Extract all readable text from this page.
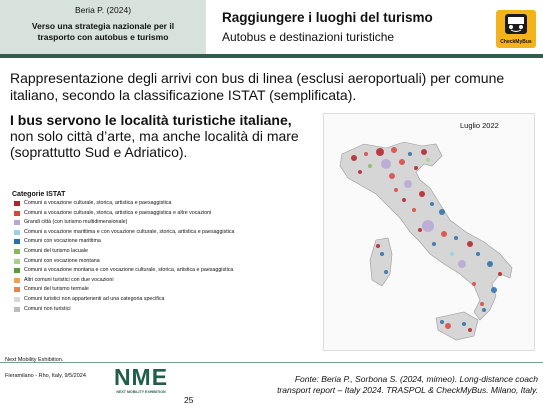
Beria P. (2024)
Verso una strategia nazionale per il
trasporto con autobus e turismo
Raggiungere i luoghi del turismo
Autobus e destinazioni turistiche	CheckMyBus
Rappresentazione degli arrivi con bus di linea (esclusi aeroportuali) per comune
italiano, secondo la classificazione ISTAT (semplificata).
I bus servono le località turistiche italiane,
non solo città d’arte, ma anche località di mare
(soprattutto Sud e Adriatico).
Categorie ISTAT
Comuni a vocazione culturale, storica, artistica e paesaggistica
Comuni a vocazione culturale, storica, artistica e paesaggistica e altre vocazioni
Grandi città (con turismo multidimensionale)
Comuni a vocazione marittima e con vocazione culturale, storica, artistica e paesaggistica
Comuni con vocazione marittima
Comuni del turismo lacuale
Comuni con vocazione montana
Comuni a vocazione montana e con vocazione culturale, storica, artistica e paesaggistica
Altri comuni turistici con due vocazioni
Comuni del turismo termale
Comuni turistici non appartenenti ad una categoria specifica
Comuni non turistici
Luglio 2022
Next Mobility Exhibition.
Fieramilano - Rho, Italy, 9/5/2024 NME
NEXT MOBILITY EXHIBITION
25
Fonte: Beria P., Sorbona S. (2024, mimeo). Long-distance coach
transport report – Italy 2024. TRASPOL & CheckMyBus. Milano, Italy.
